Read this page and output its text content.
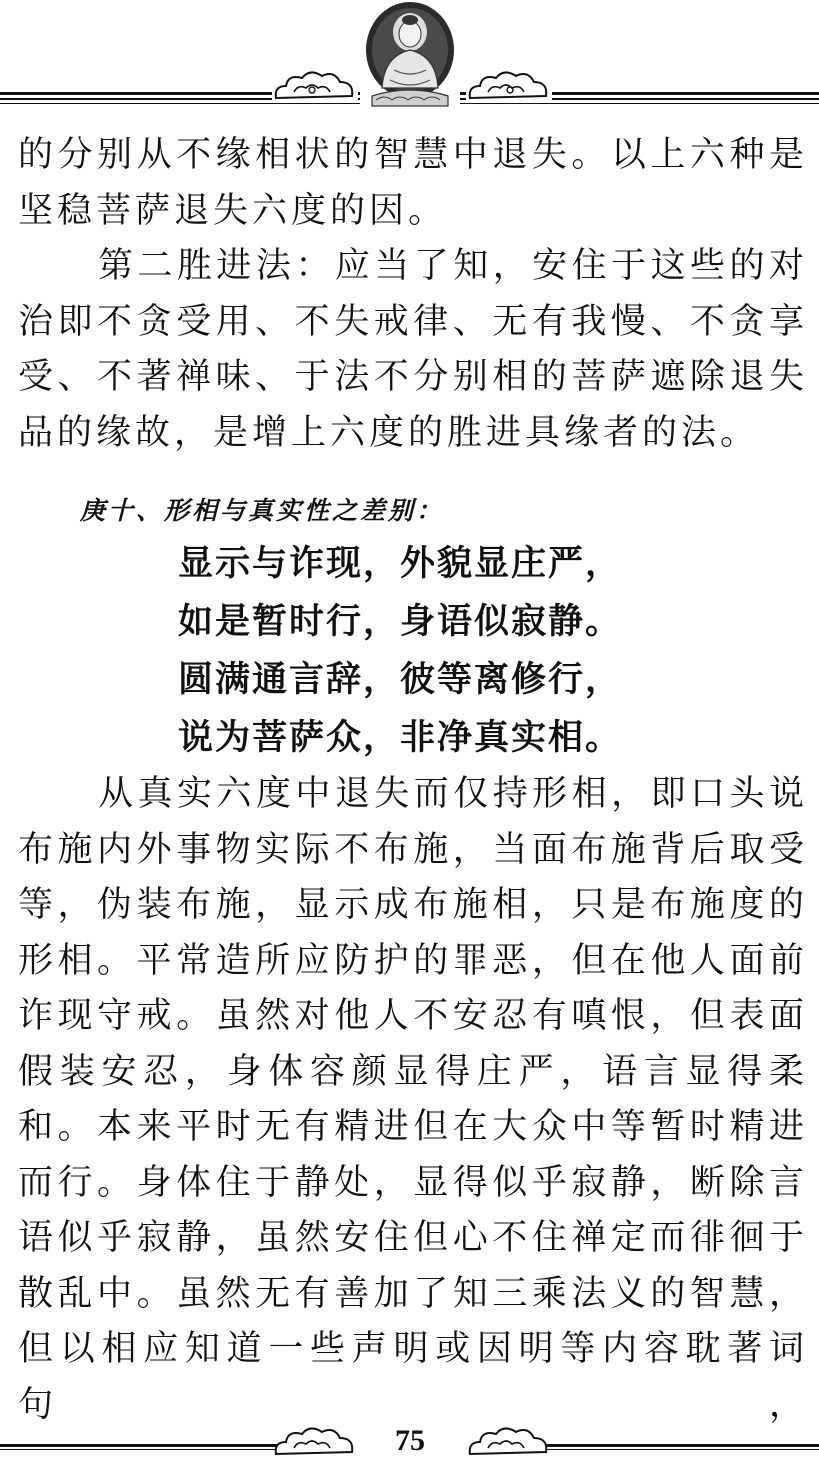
的分别从不缘相状的智慧中退失。以上六种是坚稳菩萨退失六度的因。

第二胜进法：应当了知，安住于这些的对治即不贪受用、不失戒律、无有我慢、不贪享受、不著禅味、于法不分别相的菩萨遮除退失品的缘故，是增上六度的胜进具缘者的法。

庚十、形相与真实性之差别：
显示与诈现，外貌显庄严，
如是暂时行，身语似寂静。
圆满通言辞，彼等离修行，
说为菩萨众，非净真实相。

从真实六度中退失而仅持形相，即口头说布施内外事物实际不布施，当面布施背后取受等，伪装布施，显示成布施相，只是布施度的形相。平常造所应防护的罪恶，但在他人面前诈现守戒。虽然对他人不安忍有嗔恨，但表面假装安忍，身体容颜显得庄严，语言显得柔和。本来平时无有精进但在大众中等暂时精进而行。身体住于静处，显得似乎寂静，断除言语似乎寂静，虽然安住但心不住禅定而徘徊于散乱中。虽然无有善加了知三乘法义的智慧，但以相应知道一些声明或因明等内容耽著词句，

75
